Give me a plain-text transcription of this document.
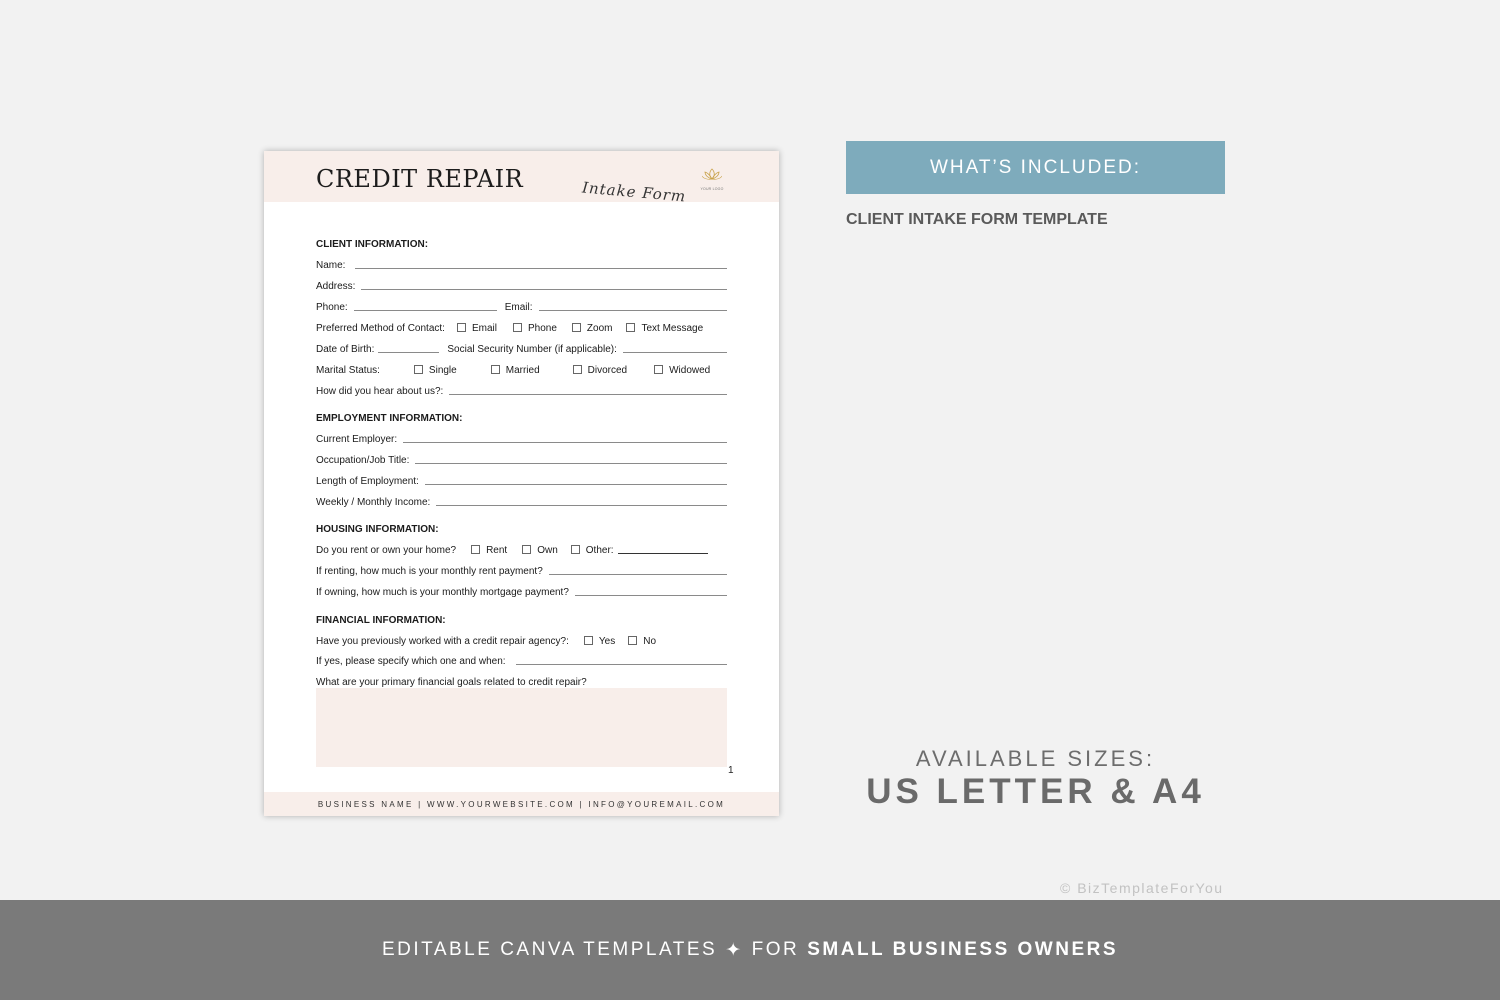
CREDIT REPAIR	Intake Form	YOUR LOGO
CLIENT INFORMATION:
Name:
Address:
Phone:	Email:
Preferred Method of Contact:	Email	Phone	Zoom	Text Message
Date of Birth:	Social Security Number (if applicable):
Marital Status:	Single	Married	Divorced	Widowed
How did you hear about us?:
EMPLOYMENT INFORMATION:
Current Employer:
Occupation/Job Title:
Length of Employment:
Weekly / Monthly Income:
HOUSING INFORMATION:
Do you rent or own your home?	Rent	Own	Other:
If renting, how much is your monthly rent payment?
If owning, how much is your monthly mortgage payment?
FINANCIAL INFORMATION:
Have you previously worked with a credit repair agency?:	Yes	No
If yes, please specify which one and when:
What are your primary financial goals related to credit repair?
1
BUSINESS NAME | WWW.YOURWEBSITE.COM | INFO@YOUREMAIL.COM
WHAT’S INCLUDED:
CLIENT INTAKE FORM TEMPLATE
AVAILABLE SIZES:
US LETTER & A4
© BizTemplateForYou
EDITABLE CANVA TEMPLATES ✦ FOR SMALL BUSINESS OWNERS
